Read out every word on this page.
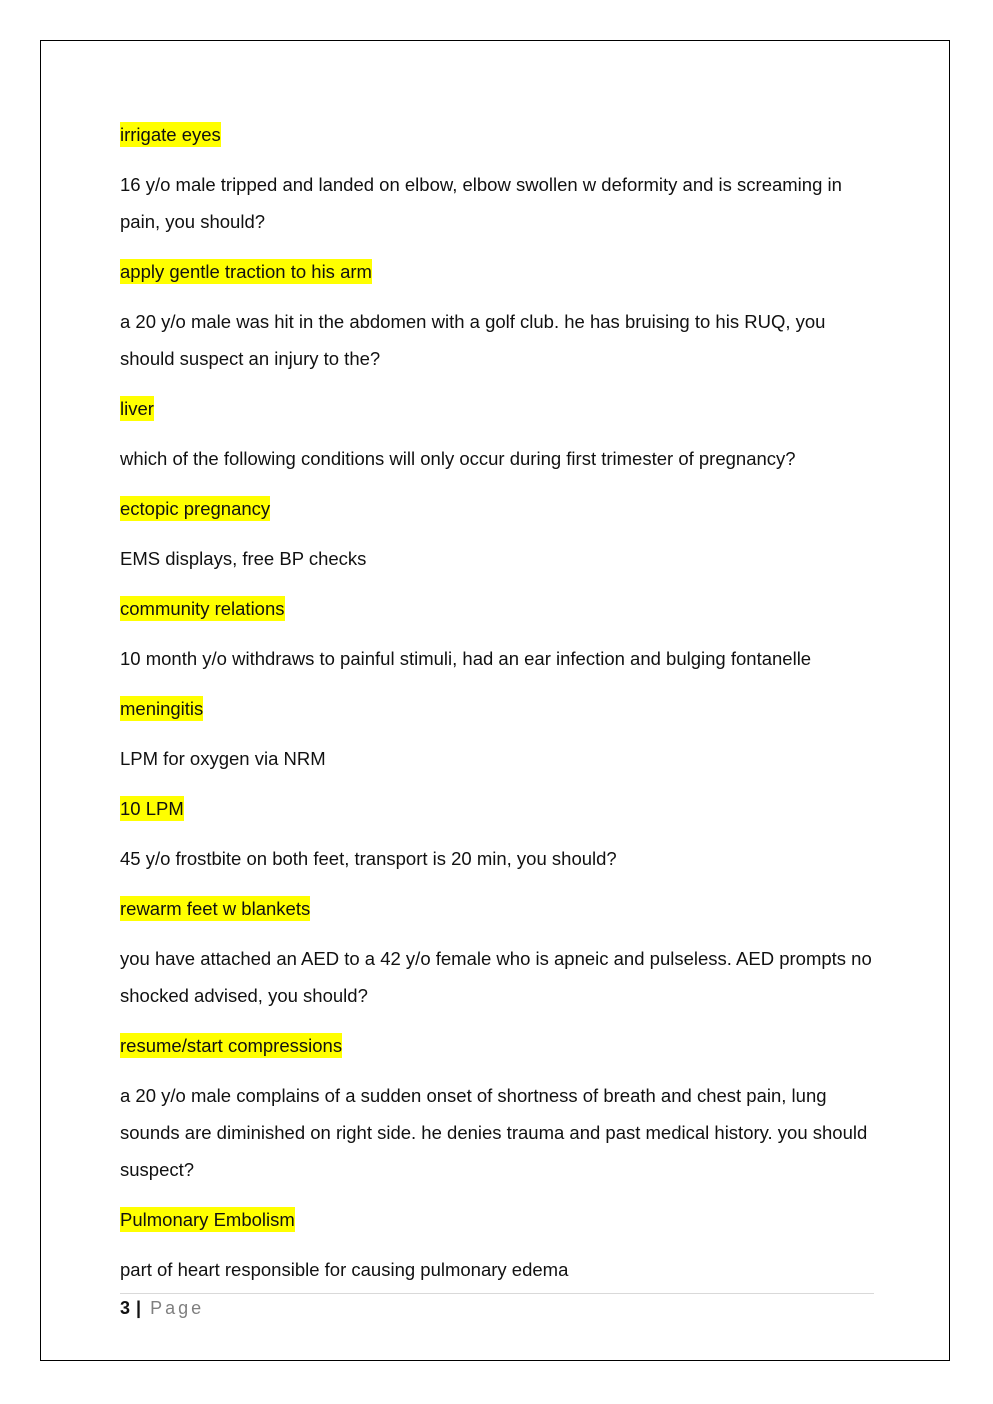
irrigate eyes

16 y/o male tripped and landed on elbow, elbow swollen w deformity and is screaming in pain, you should?

apply gentle traction to his arm

a 20 y/o male was hit in the abdomen with a golf club. he has bruising to his RUQ, you should suspect an injury to the?

liver

which of the following conditions will only occur during first trimester of pregnancy?

ectopic pregnancy

EMS displays, free BP checks

community relations

10 month y/o withdraws to painful stimuli, had an ear infection and bulging fontanelle

meningitis

LPM for oxygen via NRM

10 LPM

45 y/o frostbite on both feet, transport is 20 min, you should?

rewarm feet w blankets

you have attached an AED to a 42 y/o female who is apneic and pulseless. AED prompts no shocked advised, you should?

resume/start compressions

a 20 y/o male complains of a sudden onset of shortness of breath and chest pain, lung sounds are diminished on right side. he denies trauma and past medical history. you should suspect?

Pulmonary Embolism

part of heart responsible for causing pulmonary edema

3 | Page
